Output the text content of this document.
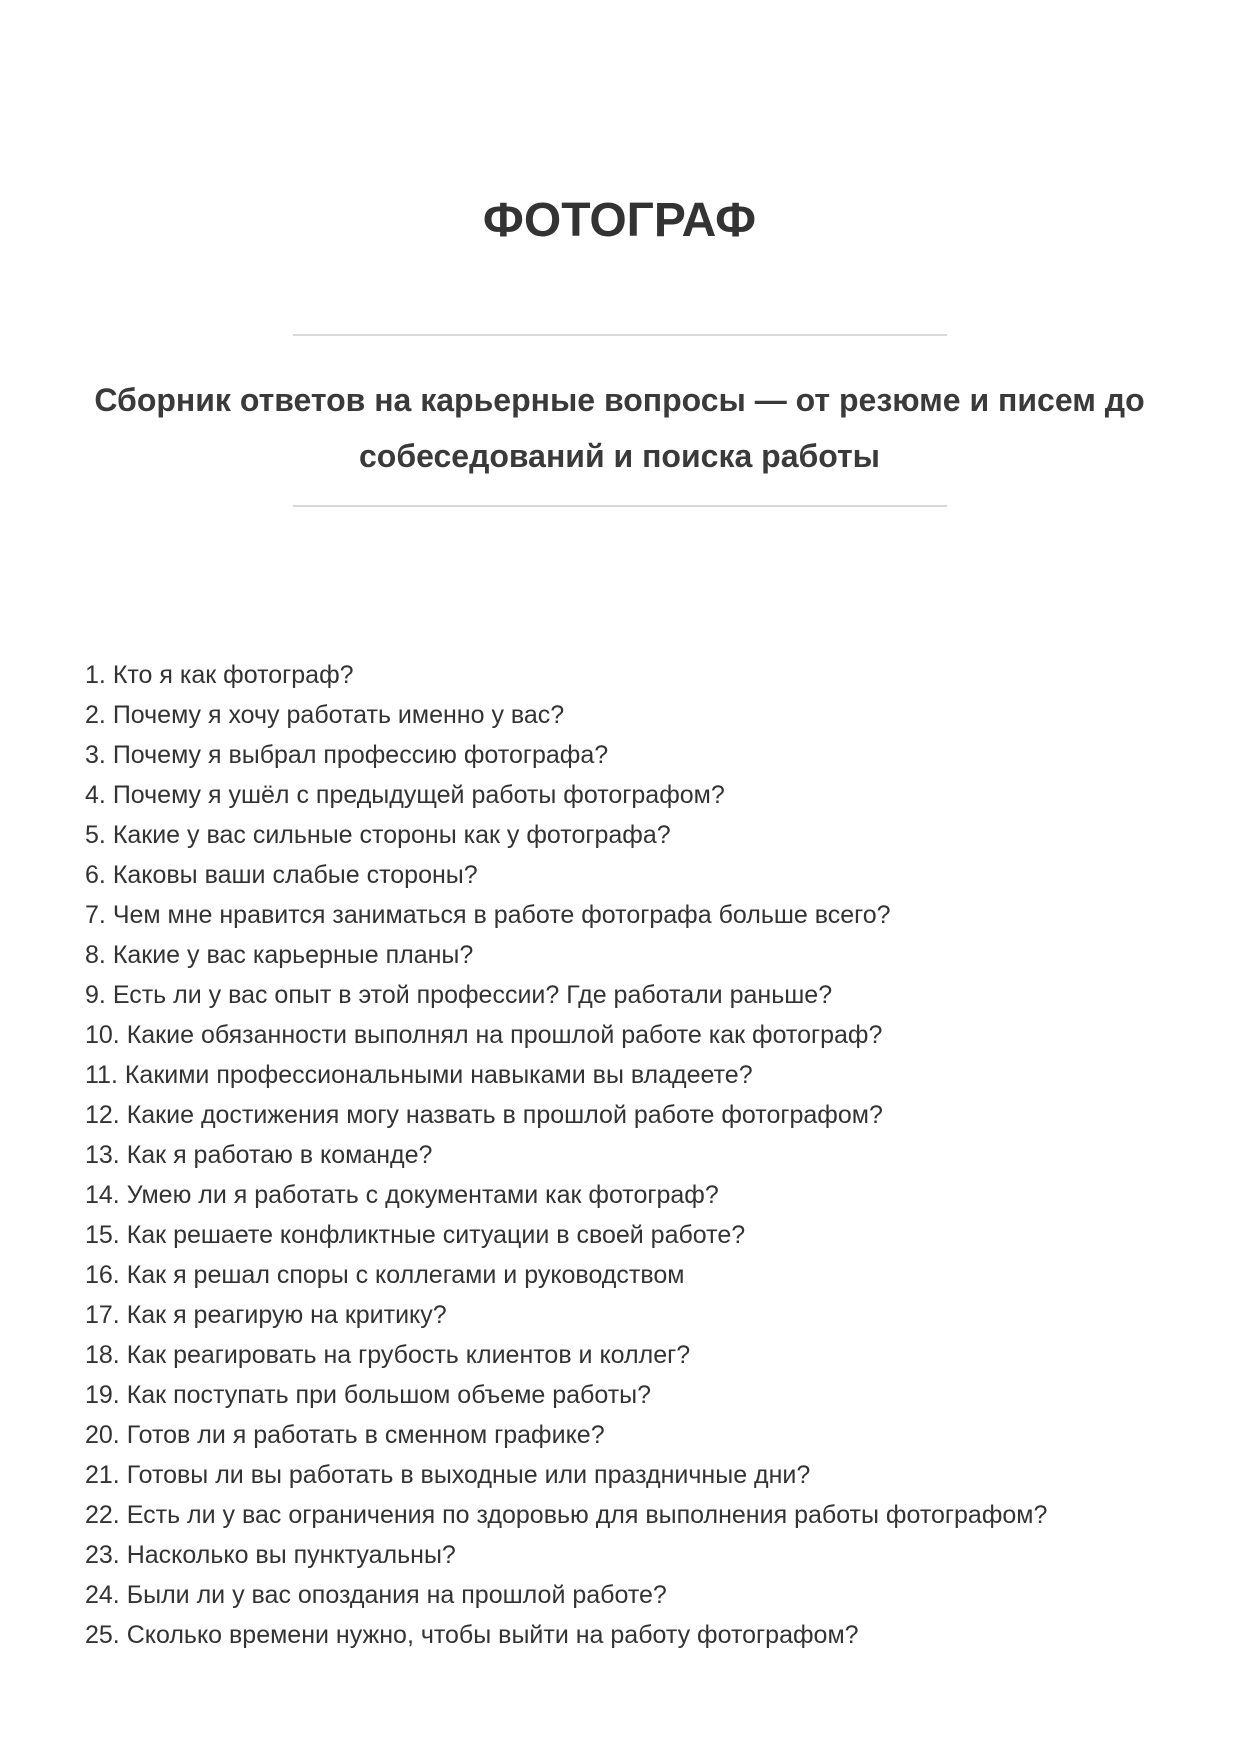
ФОТОГРАФ
Сборник ответов на карьерные вопросы — от резюме и писем до
собеседований и поиска работы
1. Кто я как фотограф?
2. Почему я хочу работать именно у вас?
3. Почему я выбрал профессию фотографа?
4. Почему я ушёл с предыдущей работы фотографом?
5. Какие у вас сильные стороны как у фотографа?
6. Каковы ваши слабые стороны?
7. Чем мне нравится заниматься в работе фотографа больше всего?
8. Какие у вас карьерные планы?
9. Есть ли у вас опыт в этой профессии? Где работали раньше?
10. Какие обязанности выполнял на прошлой работе как фотограф?
11. Какими профессиональными навыками вы владеете?
12. Какие достижения могу назвать в прошлой работе фотографом?
13. Как я работаю в команде?
14. Умею ли я работать с документами как фотограф?
15. Как решаете конфликтные ситуации в своей работе?
16. Как я решал споры с коллегами и руководством
17. Как я реагирую на критику?
18. Как реагировать на грубость клиентов и коллег?
19. Как поступать при большом объеме работы?
20. Готов ли я работать в сменном графике?
21. Готовы ли вы работать в выходные или праздничные дни?
22. Есть ли у вас ограничения по здоровью для выполнения работы фотографом?
23. Насколько вы пунктуальны?
24. Были ли у вас опоздания на прошлой работе?
25. Сколько времени нужно, чтобы выйти на работу фотографом?
